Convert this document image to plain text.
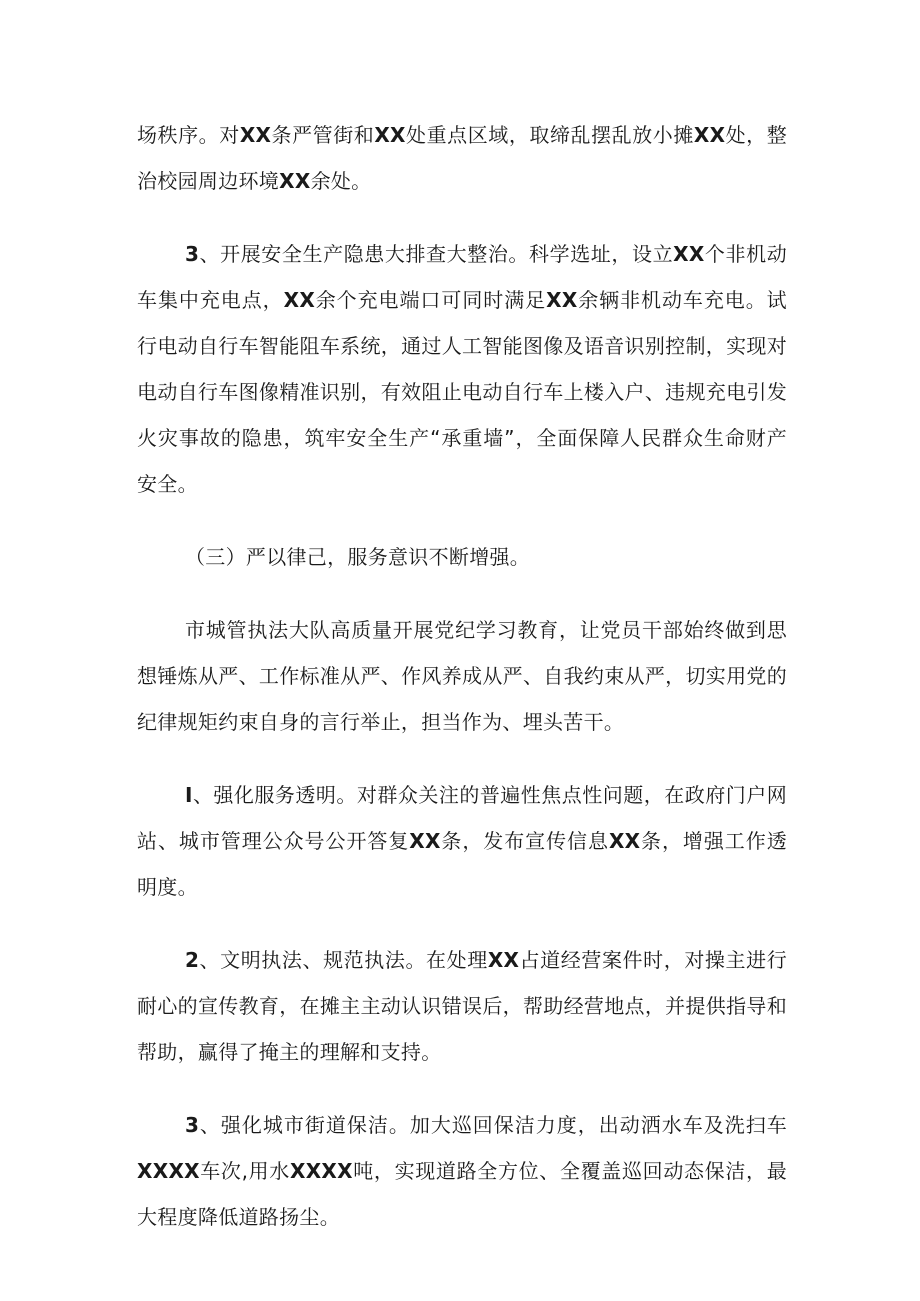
场秩序。对XX条严管街和XX处重点区域，取缔乱摆乱放小摊XX处，整治校园周边环境XX余处。

3、开展安全生产隐患大排查大整治。科学选址，设立XX个非机动车集中充电点，XX余个充电端口可同时满足XX余辆非机动车充电。试行电动自行车智能阻车系统，通过人工智能图像及语音识别控制，实现对电动自行车图像精准识别，有效阻止电动自行车上楼入户、违规充电引发火灾事故的隐患，筑牢安全生产“承重墙”，全面保障人民群众生命财产安全。

（三）严以律己，服务意识不断增强。

市城管执法大队高质量开展党纪学习教育，让党员干部始终做到思想锤炼从严、工作标准从严、作风养成从严、自我约束从严，切实用党的纪律规矩约束自身的言行举止，担当作为、埋头苦干。

I、强化服务透明。对群众关注的普遍性焦点性问题，在政府门户网站、城市管理公众号公开答复XX条，发布宣传信息XX条，增强工作透明度。

2、文明执法、规范执法。在处理XX占道经营案件时，对操主进行耐心的宣传教育，在摊主主动认识错误后，帮助经营地点，并提供指导和帮助，赢得了掩主的理解和支持。

3、强化城市街道保洁。加大巡回保洁力度，出动洒水车及洗扫车XXXX车次,用水XXXX吨，实现道路全方位、全覆盖巡回动态保洁，最大程度降低道路扬尘。
